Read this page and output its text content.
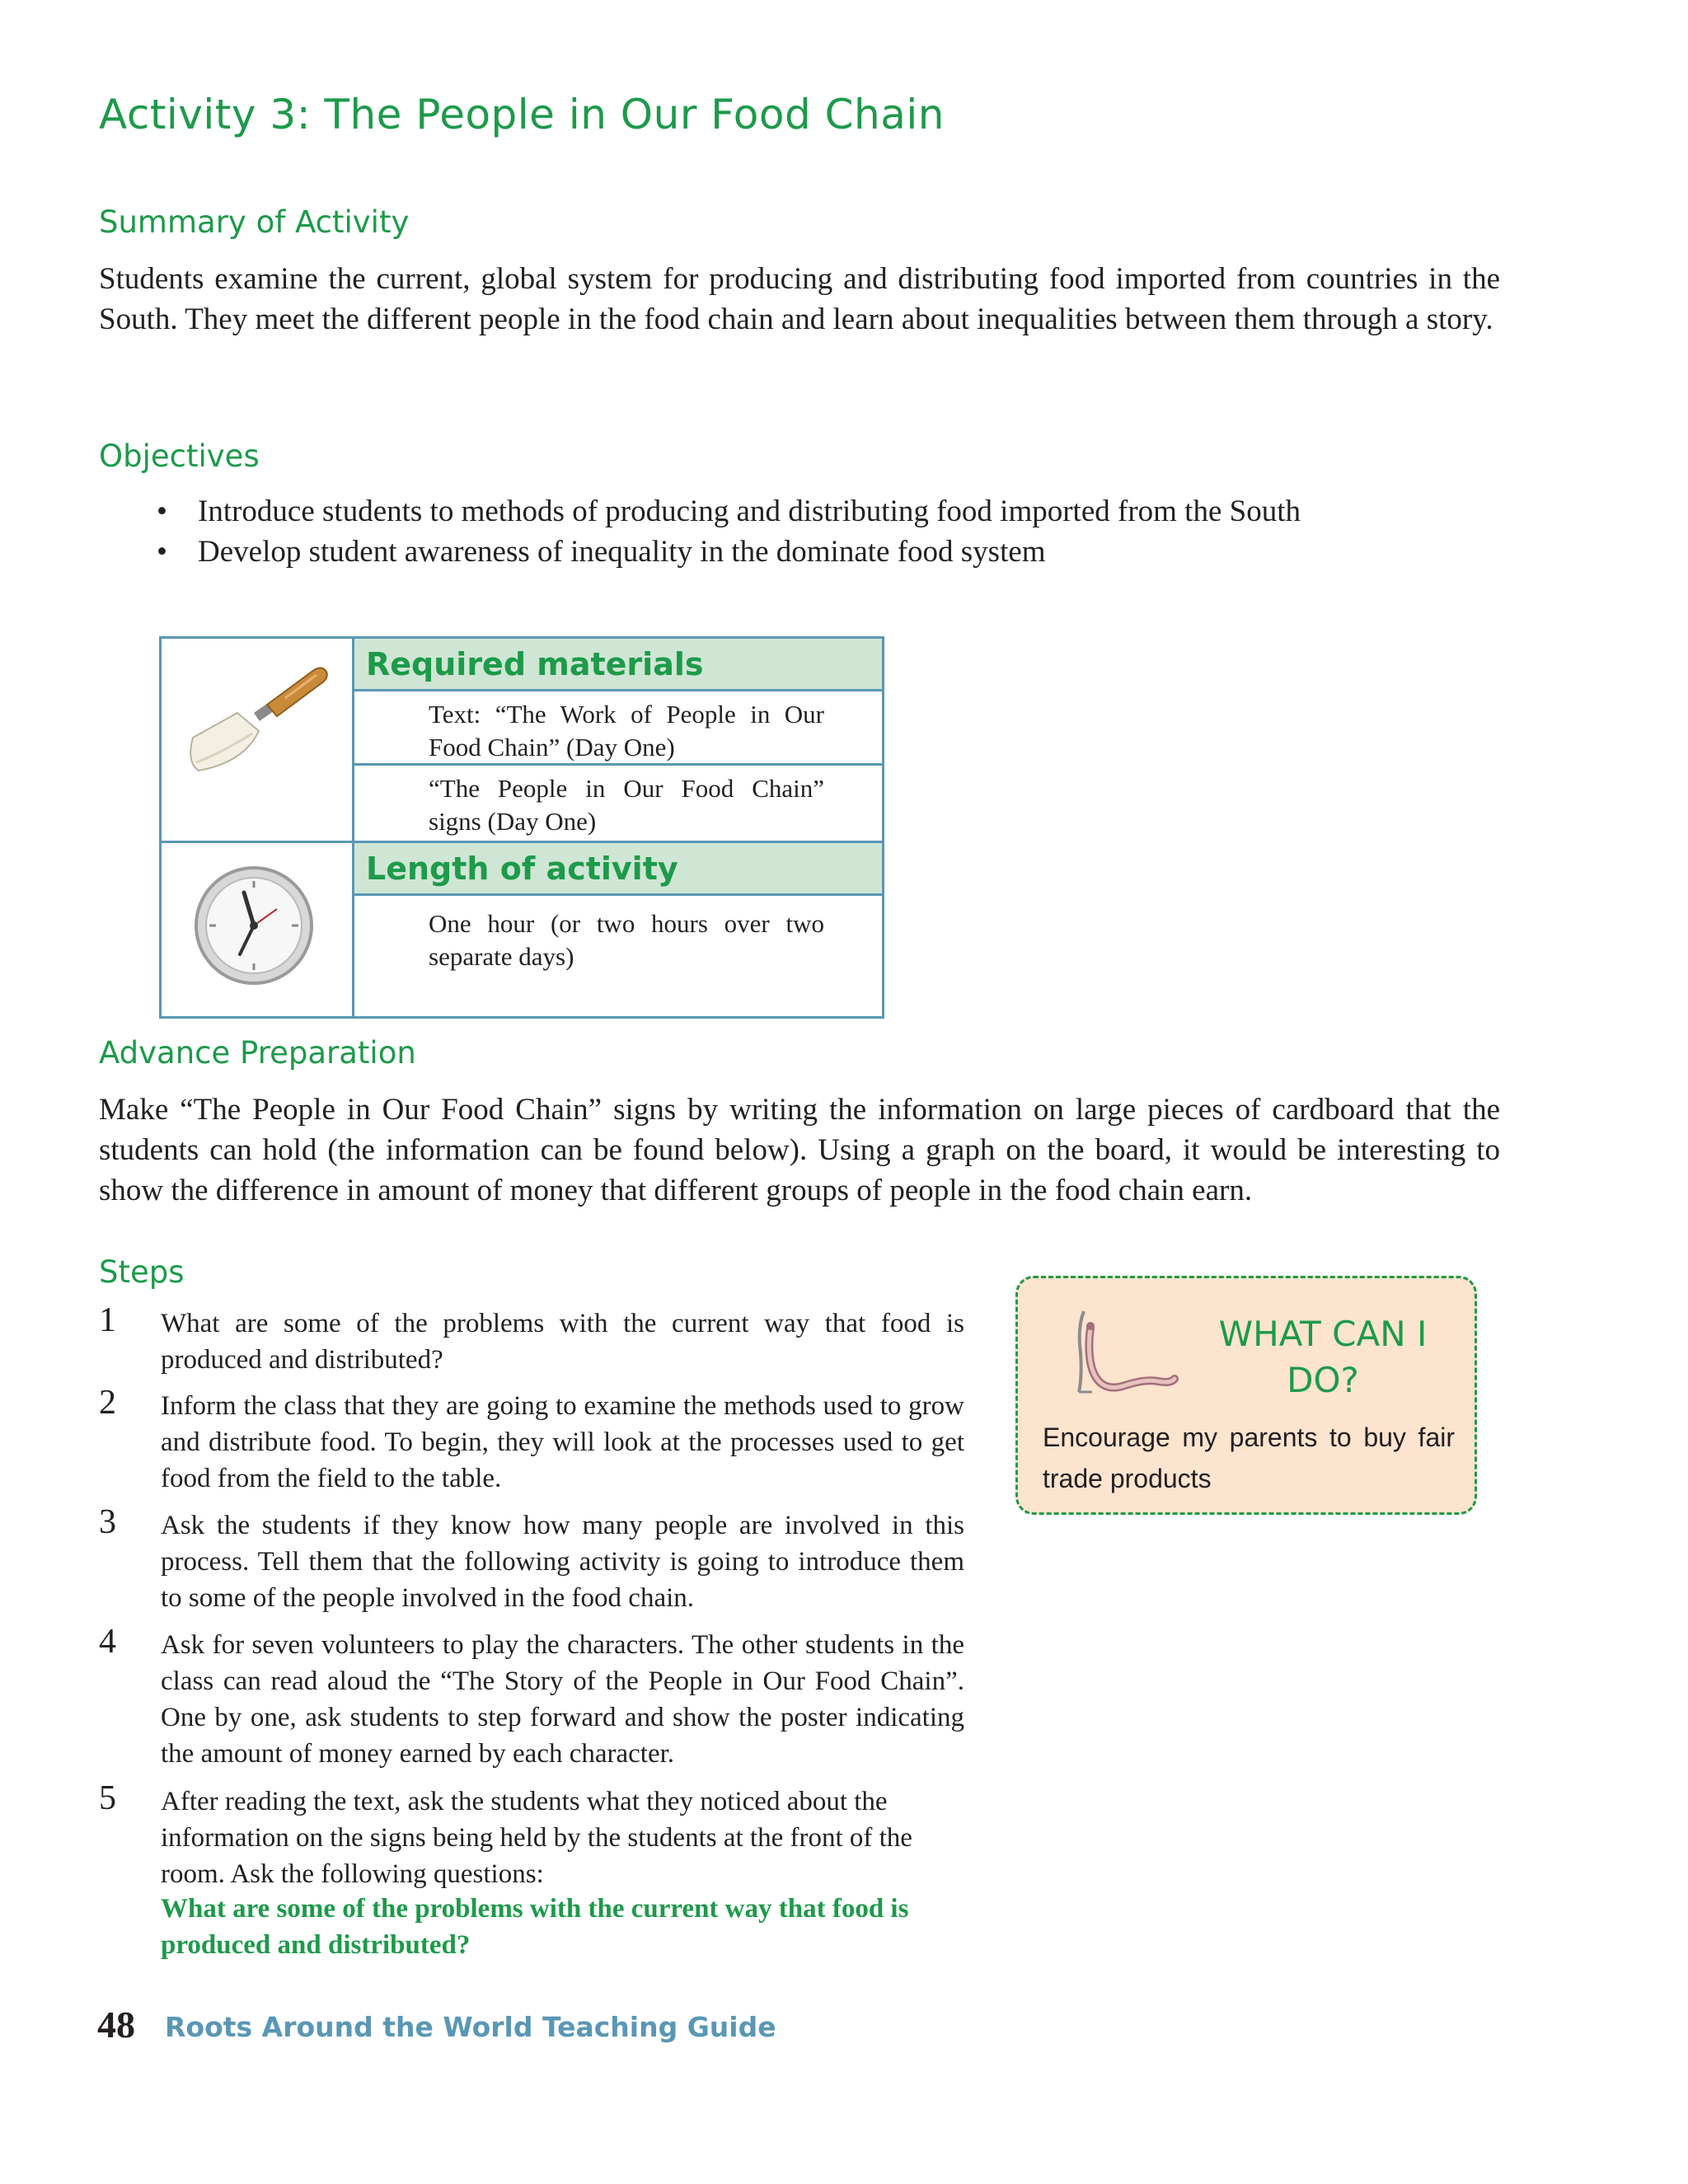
Activity 3: The People in Our Food Chain
Summary of Activity

Students examine the current, global system for producing and distributing food imported from countries in the South. They meet the different people in the food chain and learn about inequalities between them through a story.

Objectives
• Introduce students to methods of producing and distributing food imported from the South
• Develop student awareness of inequality in the dominate food system
Required materials
Text: “The Work of People in Our Food Chain” (Day One)
“The People in Our Food Chain” signs (Day One)
Length of activity
One hour (or two hours over two separate days)
Advance Preparation

Make “The People in Our Food Chain” signs by writing the information on large pieces of cardboard that the students can hold (the information can be found below). Using a graph on the board, it would be interesting to show the difference in amount of money that different groups of people in the food chain earn.

Steps
1 What are some of the problems with the current way that food is produced and distributed?

2 Inform the class that they are going to examine the methods used to grow and distribute food. To begin, they will look at the processes used to get food from the field to the table.

3 Ask the students if they know how many people are involved in this process. Tell them that the following activity is going to introduce them to some of the people involved in the food chain.

4 Ask for seven volunteers to play the characters. The other students in the class can read aloud the “The Story of the People in Our Food Chain”. One by one, ask students to step forward and show the poster indicating the amount of money earned by each character.

5 After reading the text, ask the students what they noticed about the information on the signs being held by the students at the front of the room. Ask the following questions:

What are some of the problems with the current way that food is produced and distributed?

WHAT CAN I DO?

Encourage my parents to buy fair trade products

48 Roots Around the World Teaching Guide
